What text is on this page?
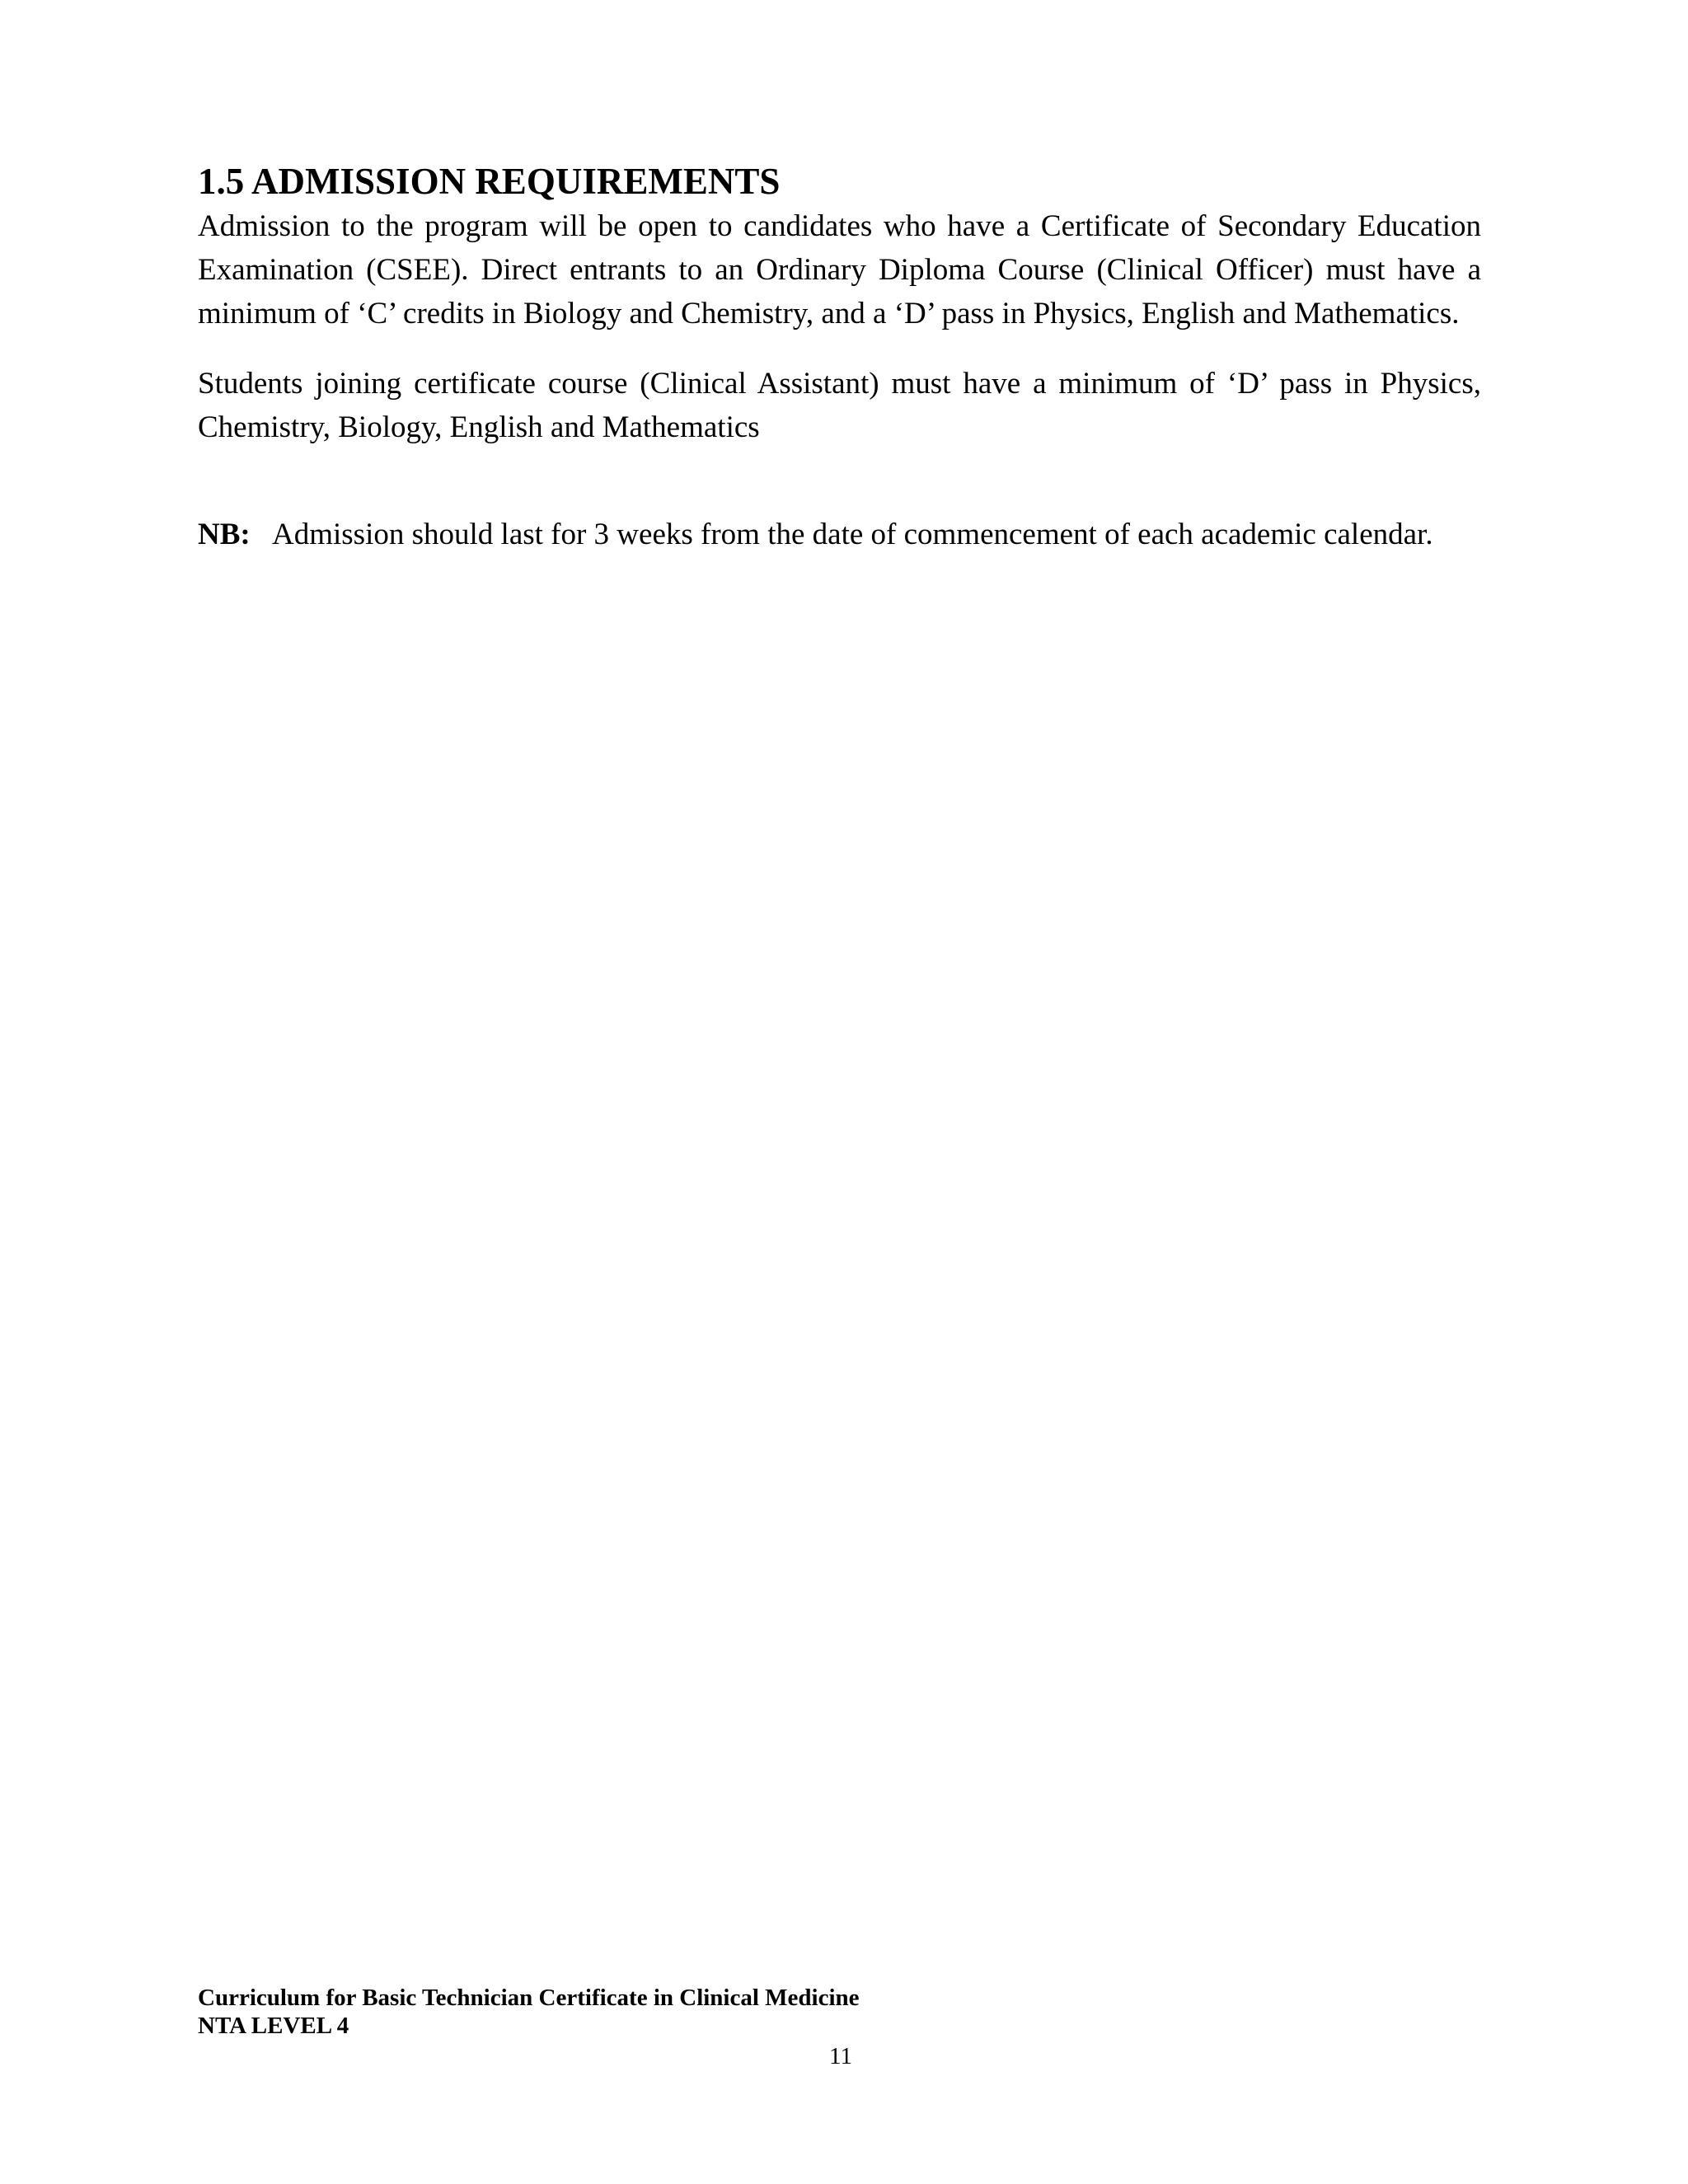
1.5 ADMISSION REQUIREMENTS

Admission to the program will be open to candidates who have a Certificate of Secondary Education Examination (CSEE). Direct entrants to an Ordinary Diploma Course (Clinical Officer) must have a minimum of ‘C’ credits in Biology and Chemistry, and a ‘D’ pass in Physics, English and Mathematics.

Students joining certificate course (Clinical Assistant) must have a minimum of ‘D’ pass in Physics, Chemistry, Biology, English and Mathematics

NB: Admission should last for 3 weeks from the date of commencement of each academic calendar.

Curriculum for Basic Technician Certificate in Clinical Medicine
NTA LEVEL 4
11
